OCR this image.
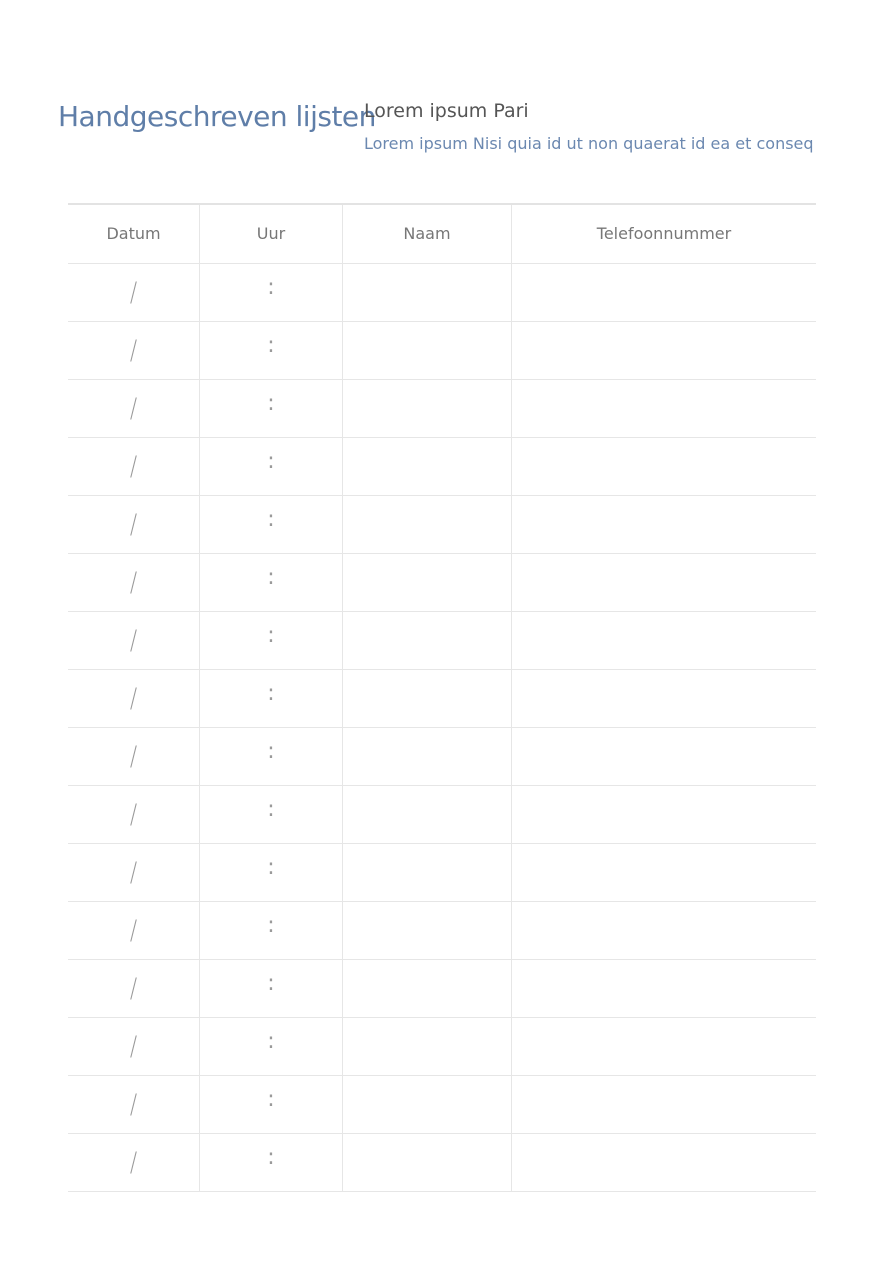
Handgeschreven lijsten
Lorem ipsum Pari
Lorem ipsum Nisi quia id ut non quaerat id ea et conseq
Datum	Uur	Naam	Telefoonnummer
/	:		
/	:		
/	:		
/	:		
/	:		
/	:		
/	:		
/	:		
/	:		
/	:		
/	:		
/	:		
/	:		
/	:		
/	:		
/	:		
